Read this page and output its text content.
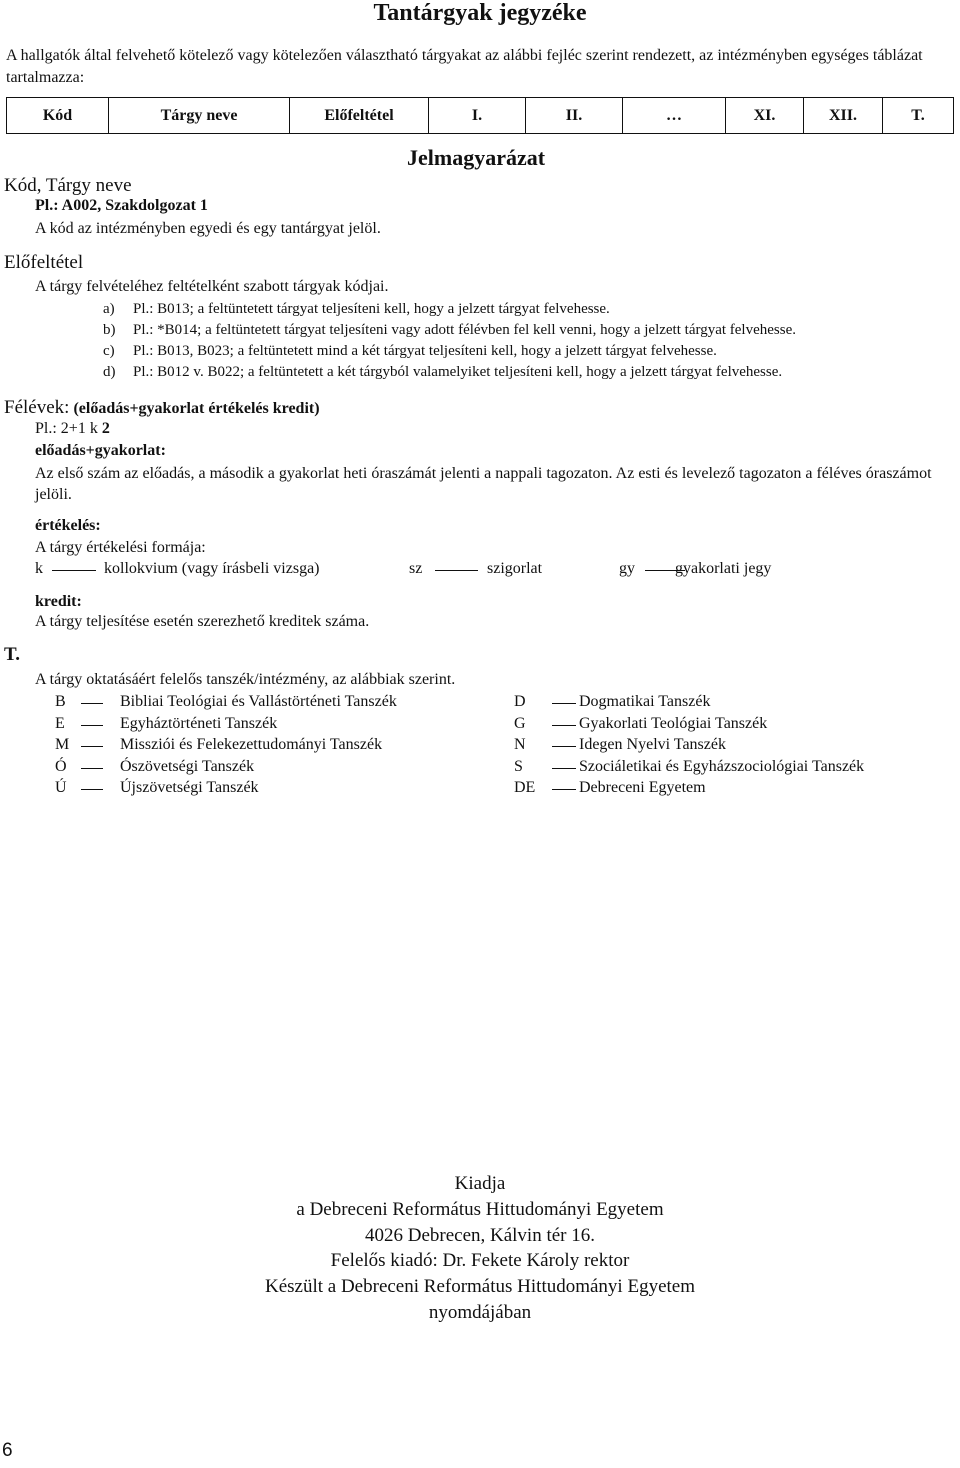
Tantárgyak jegyzéke
A hallgatók által felvehető kötelező vagy kötelezően választható tárgyakat az alábbi fejléc szerint rendezett, az intézményben egységes táblázat tartalmazza:
Kód	Tárgy neve	Előfeltétel	I.	II.	…	XI.	XII.	T.
Jelmagyarázat
Kód, Tárgy neve
Pl.: A002, Szakdolgozat 1
A kód az intézményben egyedi és egy tantárgyat jelöl.
Előfeltétel
A tárgy felvételéhez feltételként szabott tárgyak kódjai.
a) Pl.: B013; a feltüntetett tárgyat teljesíteni kell, hogy a jelzett tárgyat felvehesse.
b) Pl.: *B014; a feltüntetett tárgyat teljesíteni vagy adott félévben fel kell venni, hogy a jelzett tárgyat felvehesse.
c) Pl.: B013, B023; a feltüntetett mind a két tárgyat teljesíteni kell, hogy a jelzett tárgyat felvehesse.
d) Pl.: B012 v. B022; a feltüntetett a két tárgyból valamelyiket teljesíteni kell, hogy a jelzett tárgyat felvehesse.
Félévek: (előadás+gyakorlat értékelés kredit)
Pl.: 2+1 k 2
előadás+gyakorlat:
Az első szám az előadás, a második a gyakorlat heti óraszámát jelenti a nappali tagozaton. Az esti és levelező tagozaton a féléves óraszámot jelöli.
értékelés:
A tárgy értékelési formája:
k	kollokvium (vagy írásbeli vizsga)	sz	szigorlat	gy	gyakorlati jegy
kredit:
A tárgy teljesítése esetén szerezhető kreditek száma.
T.
A tárgy oktatásáért felelős tanszék/intézmény, az alábbiak szerint.
B	Bibliai Teológiai és Vallástörténeti Tanszék
E	Egyháztörténeti Tanszék
M	Missziói és Felekezettudományi Tanszék
Ó	Ószövetségi Tanszék
Ú	Újszövetségi Tanszék
D	Dogmatikai Tanszék
G	Gyakorlati Teológiai Tanszék
N	Idegen Nyelvi Tanszék
S	Szociáletikai és Egyházszociológiai Tanszék
DE	Debreceni Egyetem
Kiadja
a Debreceni Református Hittudományi Egyetem
4026 Debrecen, Kálvin tér 16.
Felelős kiadó: Dr. Fekete Károly rektor
Készült a Debreceni Református Hittudományi Egyetem
nyomdájában
6
